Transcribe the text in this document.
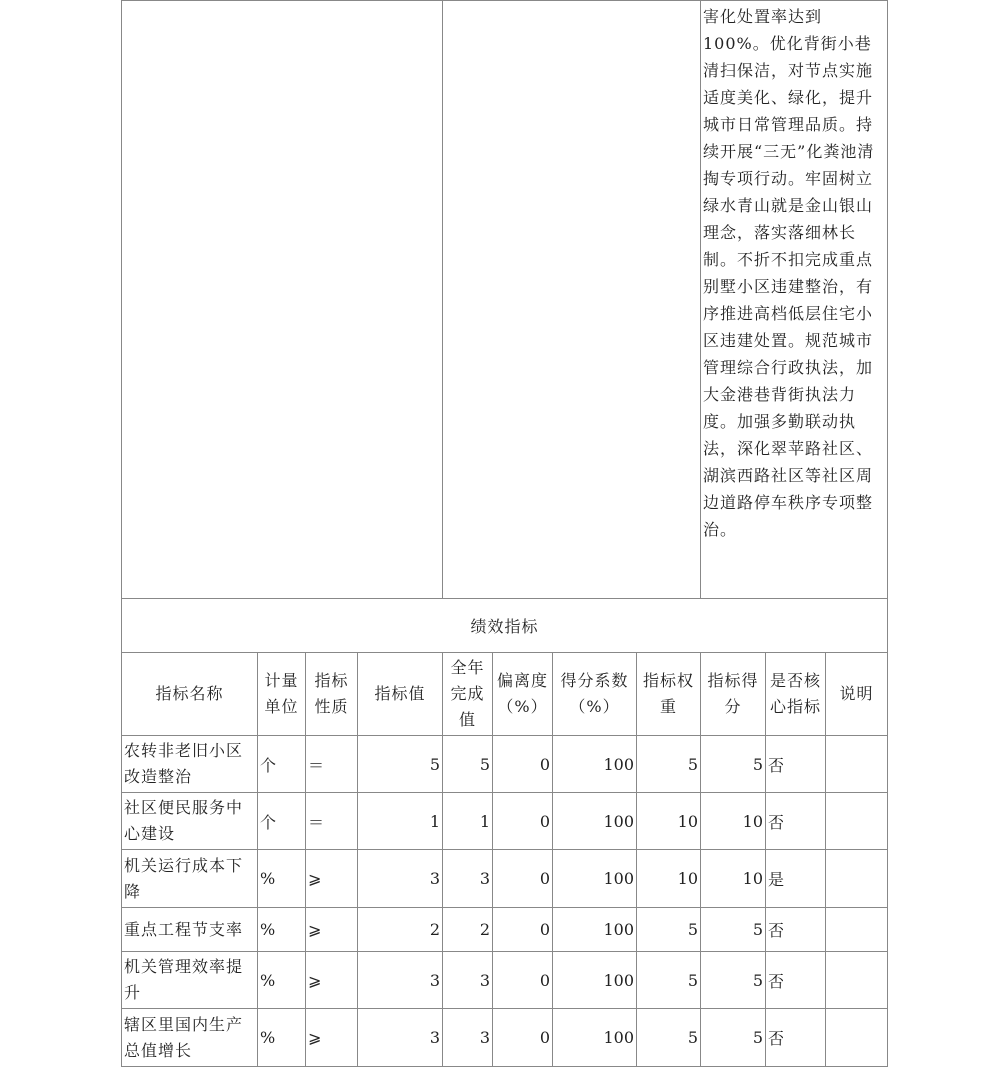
								害化处置率达到100%。优化背街小巷清扫保洁，对节点实施适度美化、绿化，提升城市日常管理品质。持续开展“三无”化粪池清掏专项行动。牢固树立绿水青山就是金山银山理念，落实落细林长制。不折不扣完成重点别墅小区违建整治，有序推进高档低层住宅小区违建处置。规范城市管理综合行政执法，加大金港巷背街执法力度。加强多勤联动执法，深化翠苹路社区、湖滨西路社区等社区周边道路停车秩序专项整治。		
绩效指标										
指标名称	计量单位	指标性质	指标值	全年完成值	偏离度（%）	得分系数（%）	指标权重	指标得分	是否核心指标	说明
农转非老旧小区改造整治	个	＝	5	5	0	100	5	5	否	
社区便民服务中心建设	个	＝	1	1	0	100	10	10	否	
机关运行成本下降	%	⩾	3	3	0	100	10	10	是	
重点工程节支率	%	⩾	2	2	0	100	5	5	否	
机关管理效率提升	%	⩾	3	3	0	100	5	5	否	
辖区里国内生产总值增长	%	⩾	3	3	0	100	5	5	否	
